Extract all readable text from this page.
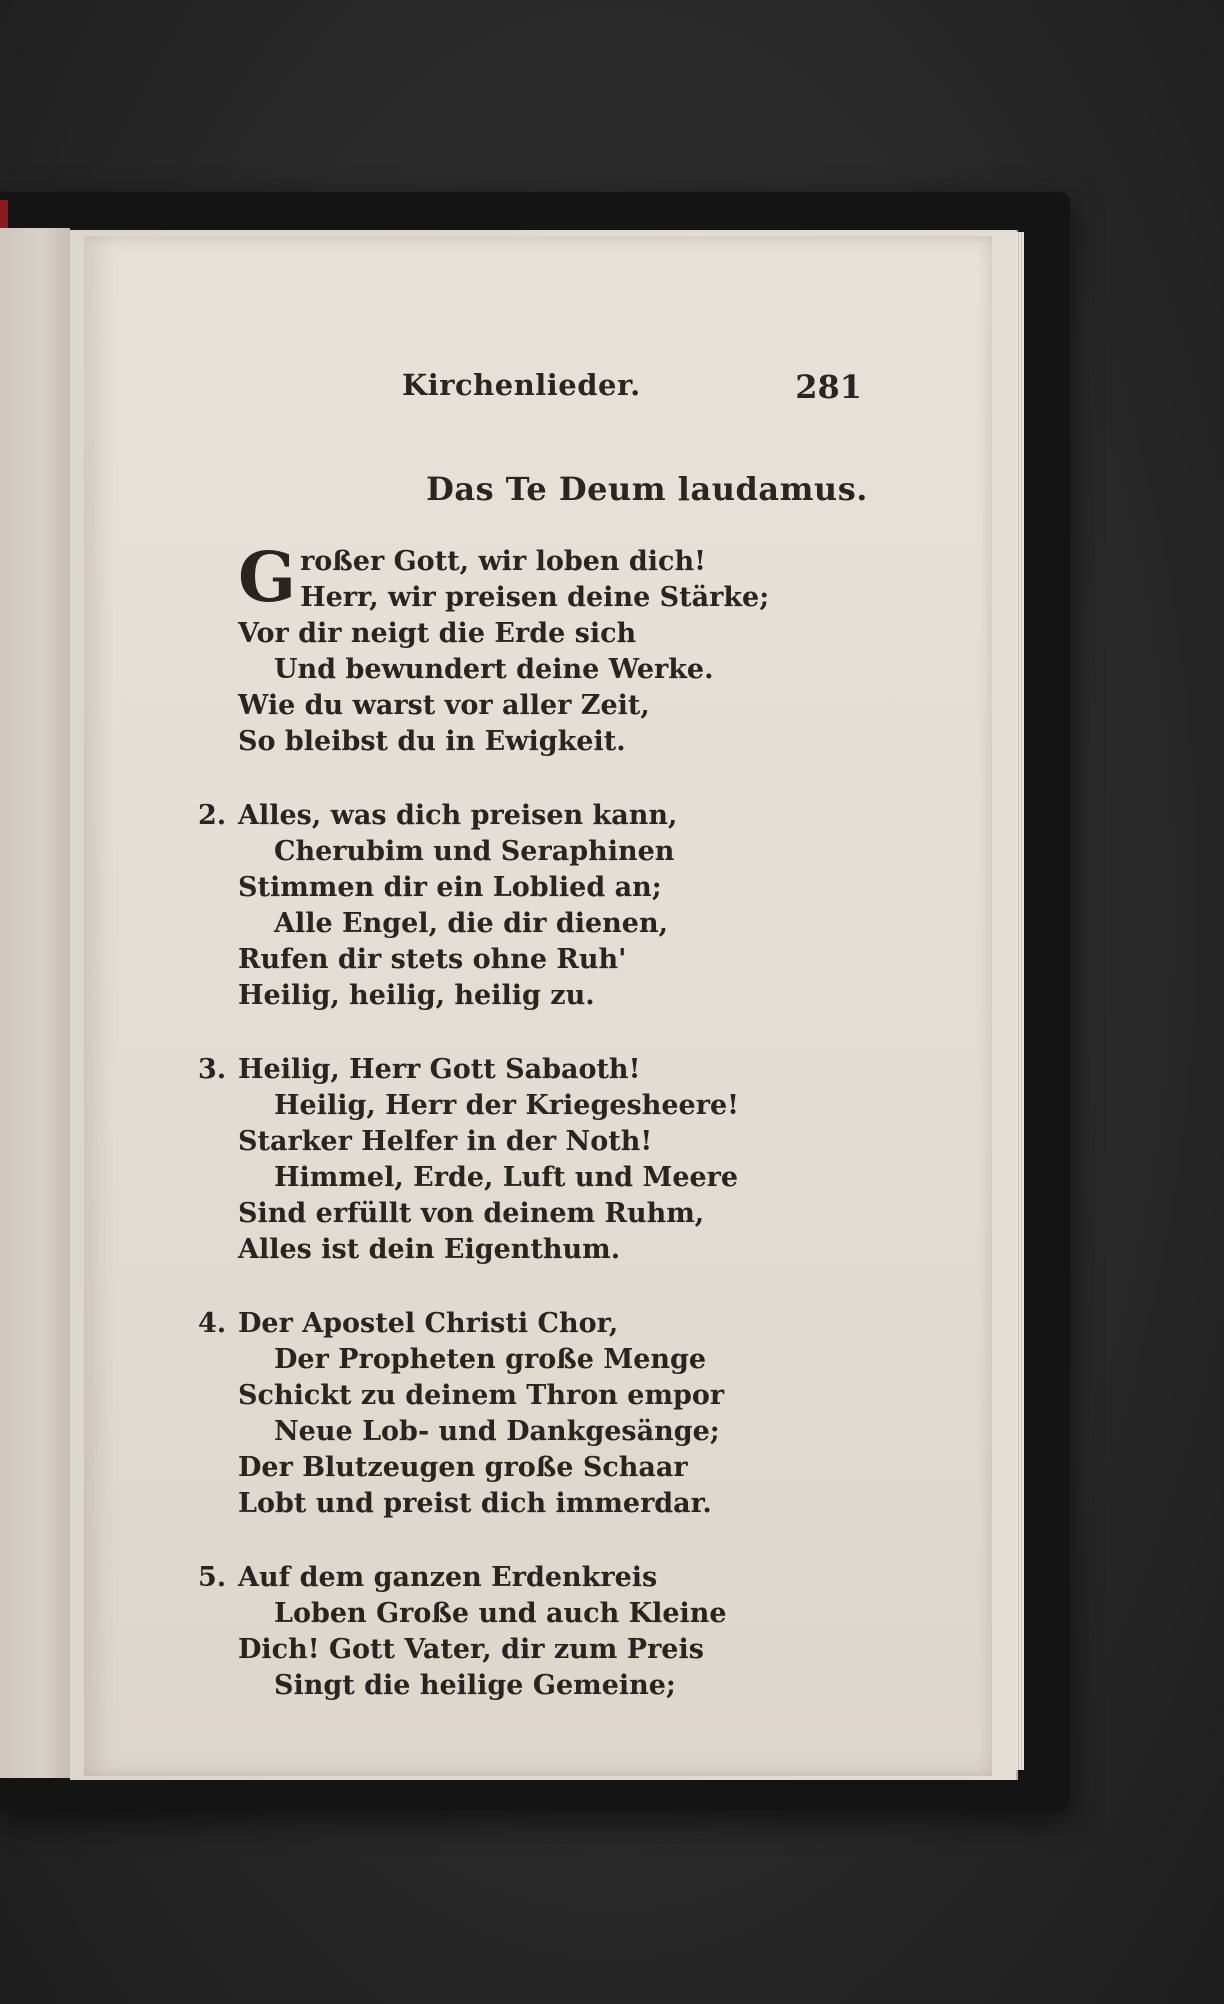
Kirchenlieder.	281
Das Te Deum laudamus.
G roßer Gott, wir loben dich!
Herr, wir preisen deine Stärke;
Vor dir neigt die Erde sich
Und bewundert deine Werke.
Wie du warst vor aller Zeit,
So bleibst du in Ewigkeit.
2. Alles, was dich preisen kann,
Cherubim und Seraphinen
Stimmen dir ein Loblied an;
Alle Engel, die dir dienen,
Rufen dir stets ohne Ruh'
Heilig, heilig, heilig zu.
3. Heilig, Herr Gott Sabaoth!
Heilig, Herr der Kriegesheere!
Starker Helfer in der Noth!
Himmel, Erde, Luft und Meere
Sind erfüllt von deinem Ruhm,
Alles ist dein Eigenthum.
4. Der Apostel Christi Chor,
Der Propheten große Menge
Schickt zu deinem Thron empor
Neue Lob- und Dankgesänge;
Der Blutzeugen große Schaar
Lobt und preist dich immerdar.
5. Auf dem ganzen Erdenkreis
Loben Große und auch Kleine
Dich! Gott Vater, dir zum Preis
Singt die heilige Gemeine;
